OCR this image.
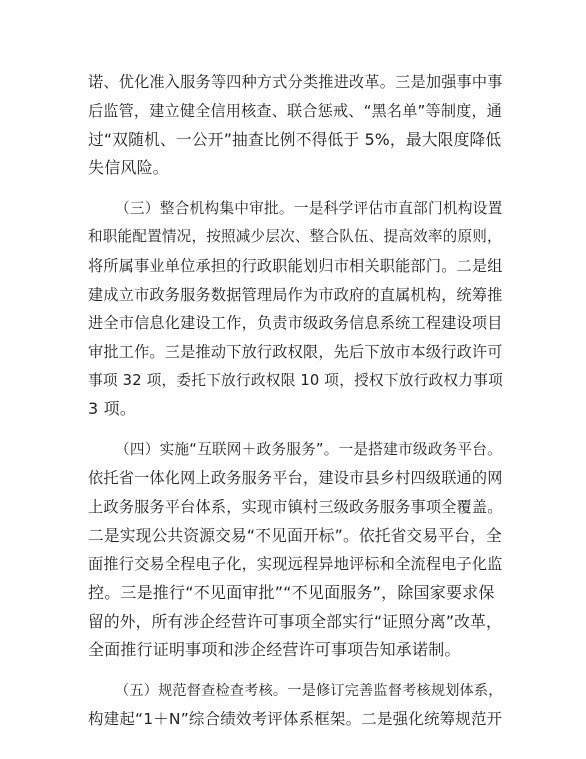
诺、优化准入服务等四种方式分类推进改革。三是加强事中事
后监管，建立健全信用核查、联合惩戒、“黑名单”等制度，通
过“双随机、一公开”抽查比例不得低于 5%，最大限度降低
失信风险。
（三）整合机构集中审批。一是科学评估市直部门机构设置
和职能配置情况，按照减少层次、整合队伍、提高效率的原则，
将所属事业单位承担的行政职能划归市相关职能部门。二是组
建成立市政务服务数据管理局作为市政府的直属机构，统筹推
进全市信息化建设工作，负责市级政务信息系统工程建设项目
审批工作。三是推动下放行政权限，先后下放市本级行政许可
事项 32 项，委托下放行政权限 10 项，授权下放行政权力事项
3 项。
（四）实施“互联网＋政务服务”。一是搭建市级政务平台。
依托省一体化网上政务服务平台，建设市县乡村四级联通的网
上政务服务平台体系，实现市镇村三级政务服务事项全覆盖。
二是实现公共资源交易“不见面开标”。依托省交易平台，全
面推行交易全程电子化，实现远程异地评标和全流程电子化监
控。三是推行“不见面审批”“不见面服务”，除国家要求保
留的外，所有涉企经营许可事项全部实行“证照分离”改革，
全面推行证明事项和涉企经营许可事项告知承诺制。
（五）规范督查检查考核。一是修订完善监督考核规划体系，
构建起“1＋N”综合绩效考评体系框架。二是强化统筹规范开
